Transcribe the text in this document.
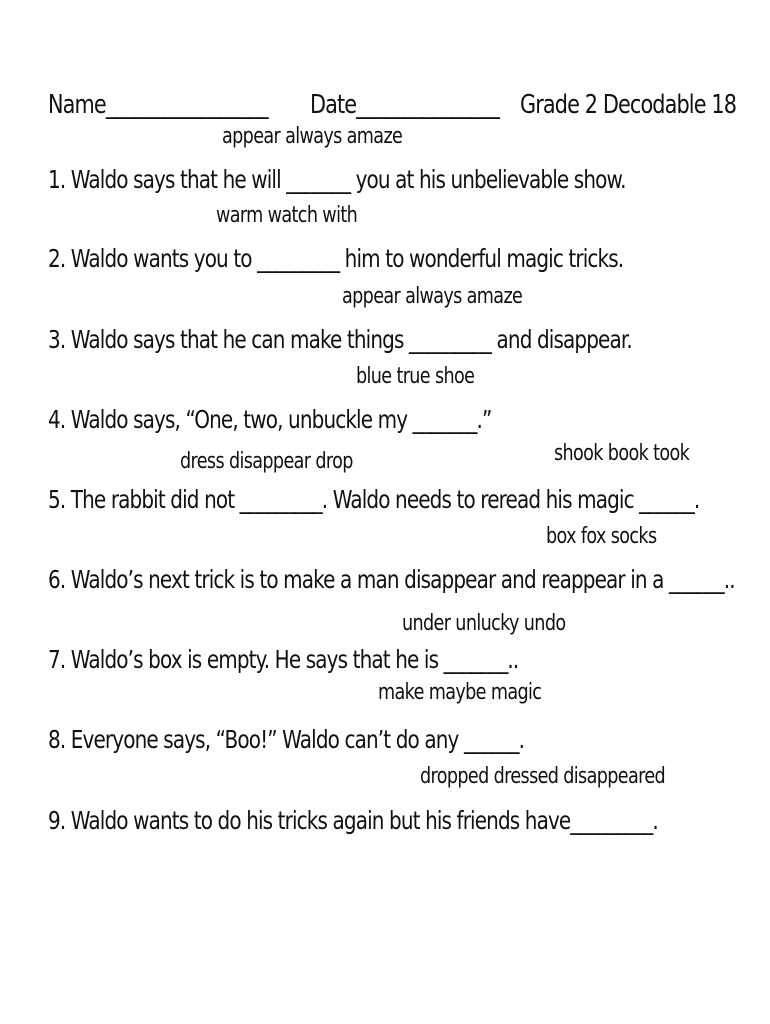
Name_________________ Date_______________ Grade 2 Decodable 18
appear always amaze
1. Waldo says that he will _______ you at his unbelievable show.
warm watch with
2. Waldo wants you to _________ him to wonderful magic tricks.
appear always amaze
3. Waldo says that he can make things _________ and disappear.
blue true shoe
4. Waldo says, “One, two, unbuckle my _______.”
dress disappear drop	shook book took
5. The rabbit did not _________. Waldo needs to reread his magic ______.
box fox socks
6. Waldo’s next trick is to make a man disappear and reappear in a ______..
under unlucky undo
7. Waldo’s box is empty. He says that he is _______..
make maybe magic
8. Everyone says, “Boo!” Waldo can’t do any ______.
dropped dressed disappeared
9. Waldo wants to do his tricks again but his friends have_________.
